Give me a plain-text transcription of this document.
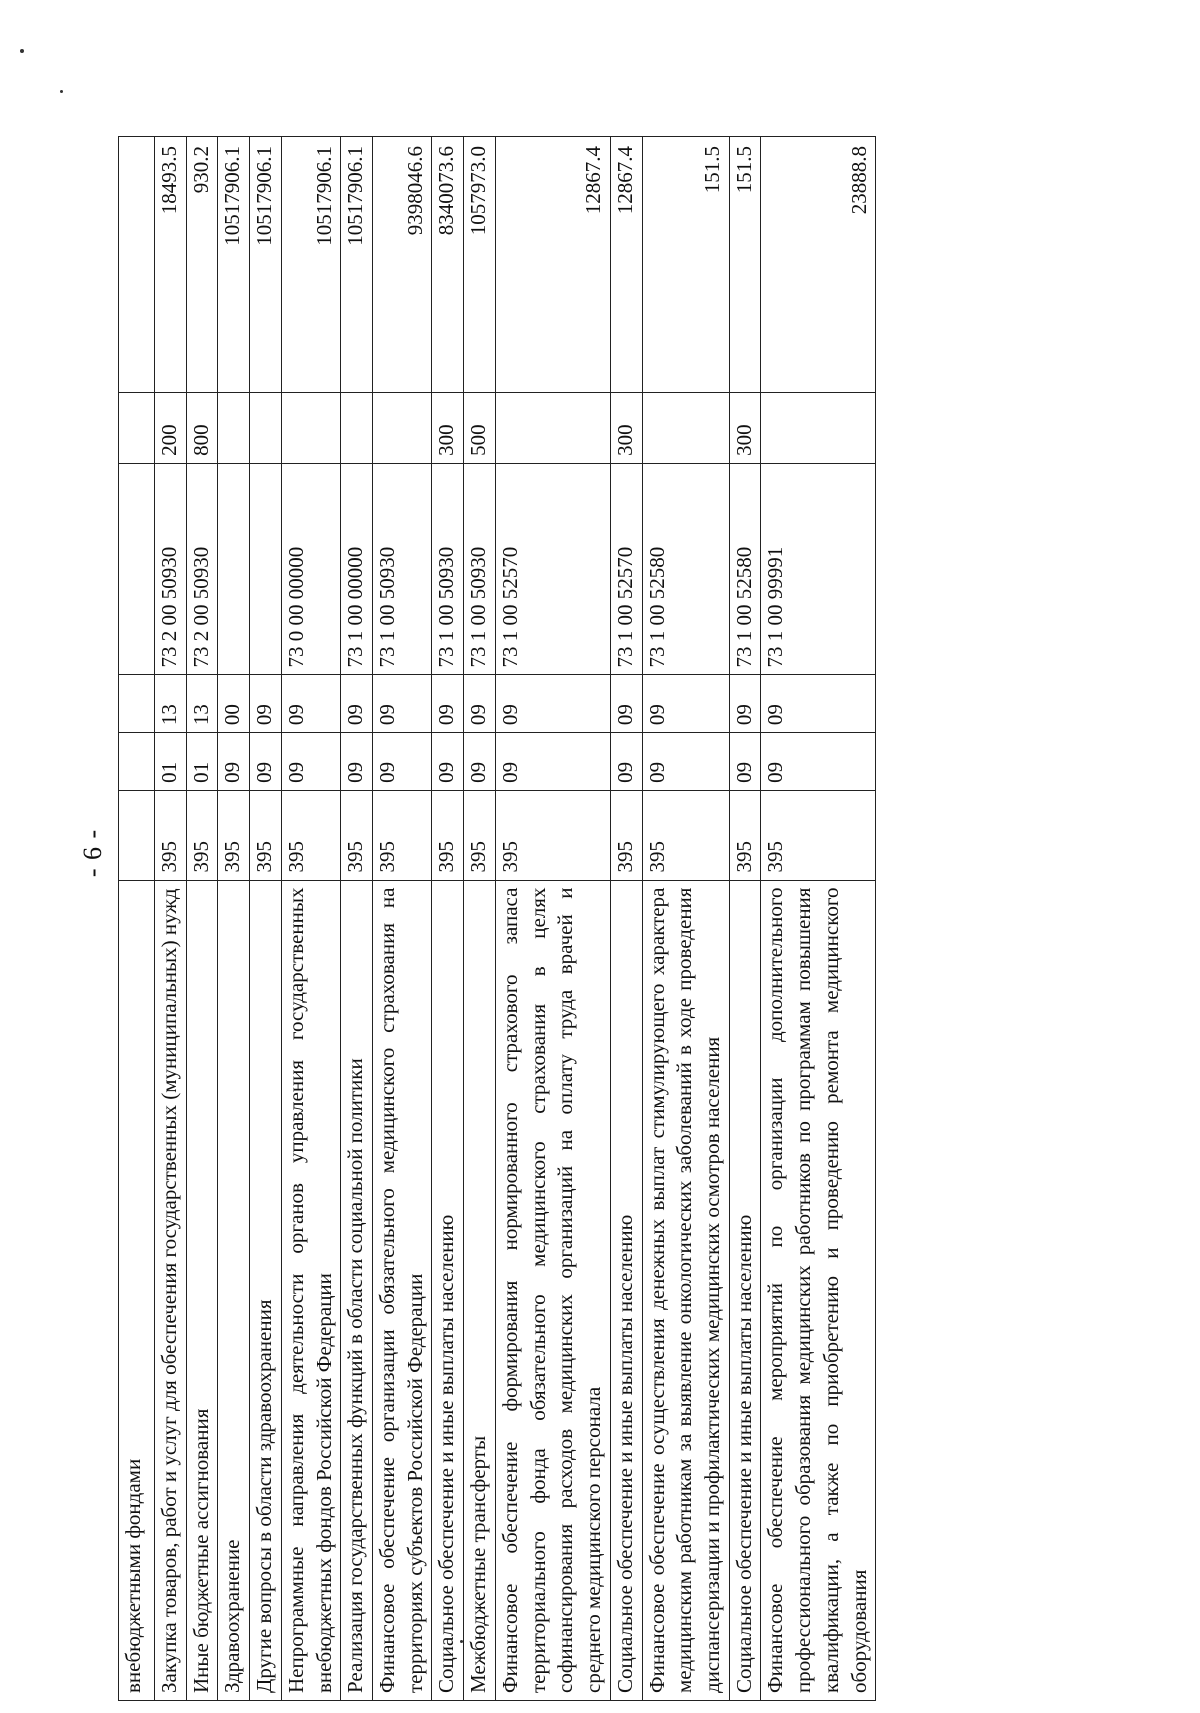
- 6 -
внебюджетными фондами						
Закупка товаров, работ и услуг для обеспечения государственных (муниципальных) нужд	395	01	13	73 2 00 50930	200	18493.5
Иные бюджетные ассигнования	395	01	13	73 2 00 50930	800	930.2
Здравоохранение	395	09	00			10517906.1
Другие вопросы в области здравоохранения	395	09	09			10517906.1
Непрограммные направления деятельности органов управления государственных внебюджетных фондов Российской Федерации	395	09	09	73 0 00 00000		10517906.1
Реализация государственных функций в области социальной политики	395	09	09	73 1 00 00000		10517906.1
Финансовое обеспечение организации обязательного медицинского страхования на территориях субъектов Российской Федерации	395	09	09	73 1 00 50930		9398046.6
Социальное обеспечение и иные выплаты населению	395	09	09	73 1 00 50930	300	8340073.6
Межбюджетные трансферты	395	09	09	73 1 00 50930	500	1057973.0
Финансовое обеспечение формирования нормированного страхового запаса территориального фонда обязательного медицинского страхования в целях софинансирования расходов медицинских организаций на оплату труда врачей и среднего медицинского персонала	395	09	09	73 1 00 52570		12867.4
Социальное обеспечение и иные выплаты населению	395	09	09	73 1 00 52570	300	12867.4
Финансовое обеспечение осуществления денежных выплат стимулирующего характера медицинским работникам за выявление онкологических заболеваний в ходе проведения диспансеризации и профилактических медицинских осмотров населения	395	09	09	73 1 00 52580		151.5
Социальное обеспечение и иные выплаты населению	395	09	09	73 1 00 52580	300	151.5
Финансовое обеспечение мероприятий по организации дополнительного профессионального образования медицинских работников по программам повышения квалификации, а также по приобретению и проведению ремонта медицинского оборудования	395	09	09	73 1 00 99991		23888.8
